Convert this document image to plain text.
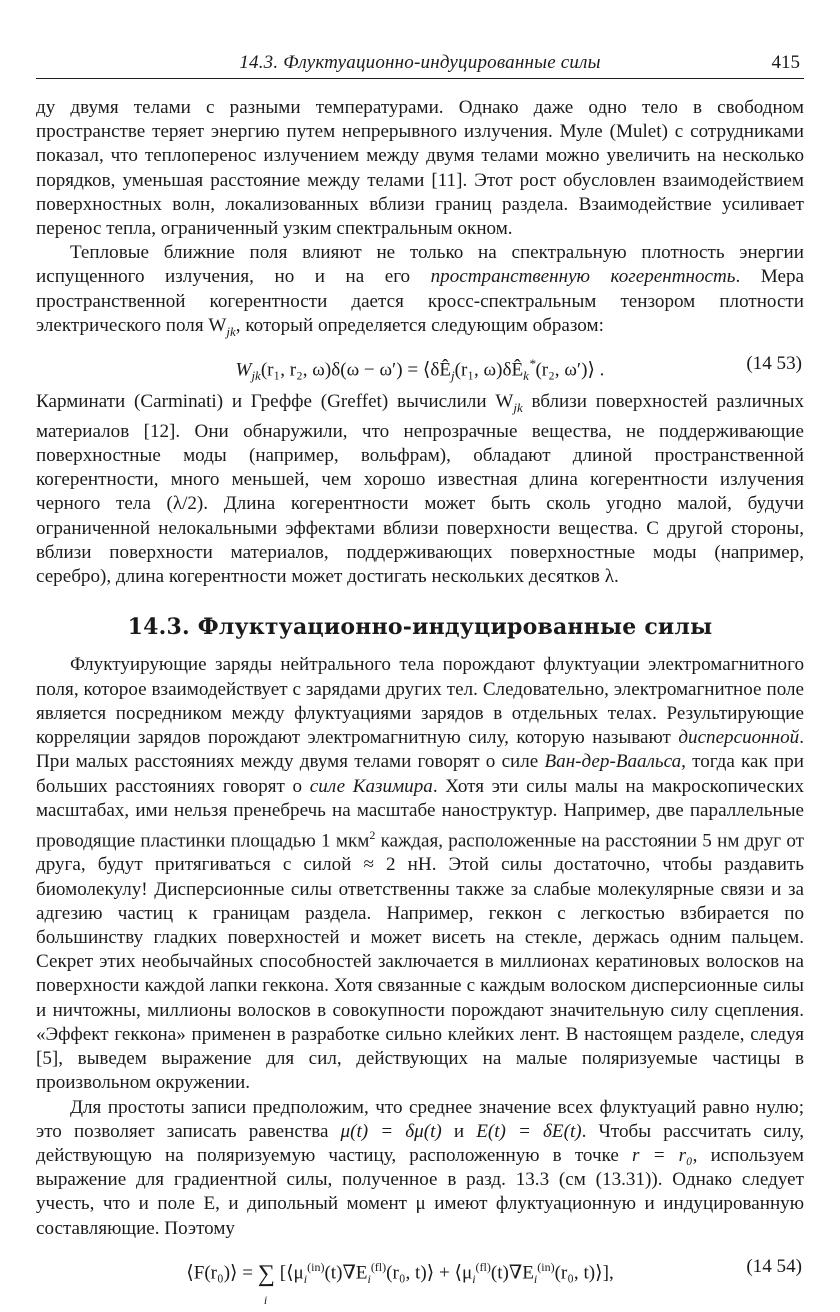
14.3. Флуктуационно-индуцированные силы	415

ду двумя телами с разными температурами. Однако даже одно тело в свободном пространстве теряет энергию путем непрерывного излучения. Муле (Mulet) с сотрудниками показал, что теплоперенос излучением между двумя телами можно увеличить на несколько порядков, уменьшая расстояние между телами [11]. Этот рост обусловлен взаимодействием поверхностных волн, локализованных вблизи границ раздела. Взаимодействие усиливает перенос тепла, ограниченный узким спектральным окном.

Тепловые ближние поля влияют не только на спектральную плотность энергии испущенного излучения, но и на его пространственную когерентность. Мера пространственной когерентности дается кросс-спектральным тензором плотности электрического поля $W_{jk}$, который определяется следующим образом:

$W_{jk}(r_1$, r₂, $\omega)\delta(\omega - \omega') = ⟨\delta Ê_j(r_1$, $\omega)\delta Ê_k^*(r_2$, ω′)⟩ .	(14 53)

Карминати (Carminati) и Греффе (Greffet) вычислили $W_{jk}$ вблизи поверхностей различных материалов [12]. Они обнаружили, что непрозрачные вещества, не поддерживающие поверхностные моды (например, вольфрам), обладают длиной пространственной когерентности, много меньшей, чем хорошо известная длина когерентности излучения черного тела (λ/2). Длина когерентности может быть сколь угодно малой, будучи ограниченной нелокальными эффектами вблизи поверхности вещества. С другой стороны, вблизи поверхности материалов, поддерживающих поверхностные моды (например, серебро), длина когерентности может достигать нескольких десятков λ.

14.3. Флуктуационно-индуцированные силы

Флуктуирующие заряды нейтрального тела порождают флуктуации электромагнитного поля, которое взаимодействует с зарядами других тел. Следовательно, электромагнитное поле является посредником между флуктуациями зарядов в отдельных телах. Результирующие корреляции зарядов порождают электромагнитную силу, которую называют дисперсионной. При малых расстояниях между двумя телами говорят о силе Ван-дер-Ваальса, тогда как при больших расстояниях говорят о силе Казимира. Хотя эти силы малы на макроскопических масштабах, ими нельзя пренебречь на масштабе наноструктур. Например, две параллельные проводящие пластинки площадью 1 мкм$^2$ каждая, расположенные на расстоянии 5 нм друг от друга, будут притягиваться с силой ≈ 2 нН. Этой силы достаточно, чтобы раздавить биомолекулу! Дисперсионные силы ответственны также за слабые молекулярные связи и за адгезию частиц к границам раздела. Например, геккон с легкостью взбирается по большинству гладких поверхностей и может висеть на стекле, держась одним пальцем. Секрет этих необычайных способностей заключается в миллионах кератиновых волосков на поверхности каждой лапки геккона. Хотя связанные с каждым волоском дисперсионные силы и ничтожны, миллионы волосков в совокупности порождают значительную силу сцепления. «Эффект геккона» применен в разработке сильно клейких лент. В настоящем разделе, следуя [5], выведем выражение для сил, действующих на малые поляризуемые частицы в произвольном окружении.

Для простоты записи предположим, что среднее значение всех флуктуаций равно нулю; это позволяет записать равенства μ(t) = δμ(t) и E(t) = δE(t). Чтобы рассчитать силу, действующую на поляризуемую частицу, расположенную в точке r = r₀, используем выражение для градиентной силы, полученное в разд. 13.3 (см (13.31)). Однако следует учесть, что и поле E, и дипольный момент μ имеют флуктуационную и индуцированную составляющие. Поэтому

⟨F(r₀)⟩ = ∑
i
[$⟨\mu_i^{(in)}(t)\nabla E_i^{(fl)}(r_0$, t)⟩ + $⟨\mu_i^{(fl)}(t)\nabla E_i^{(in)}(r_0$, t)⟩],	(14 54)
